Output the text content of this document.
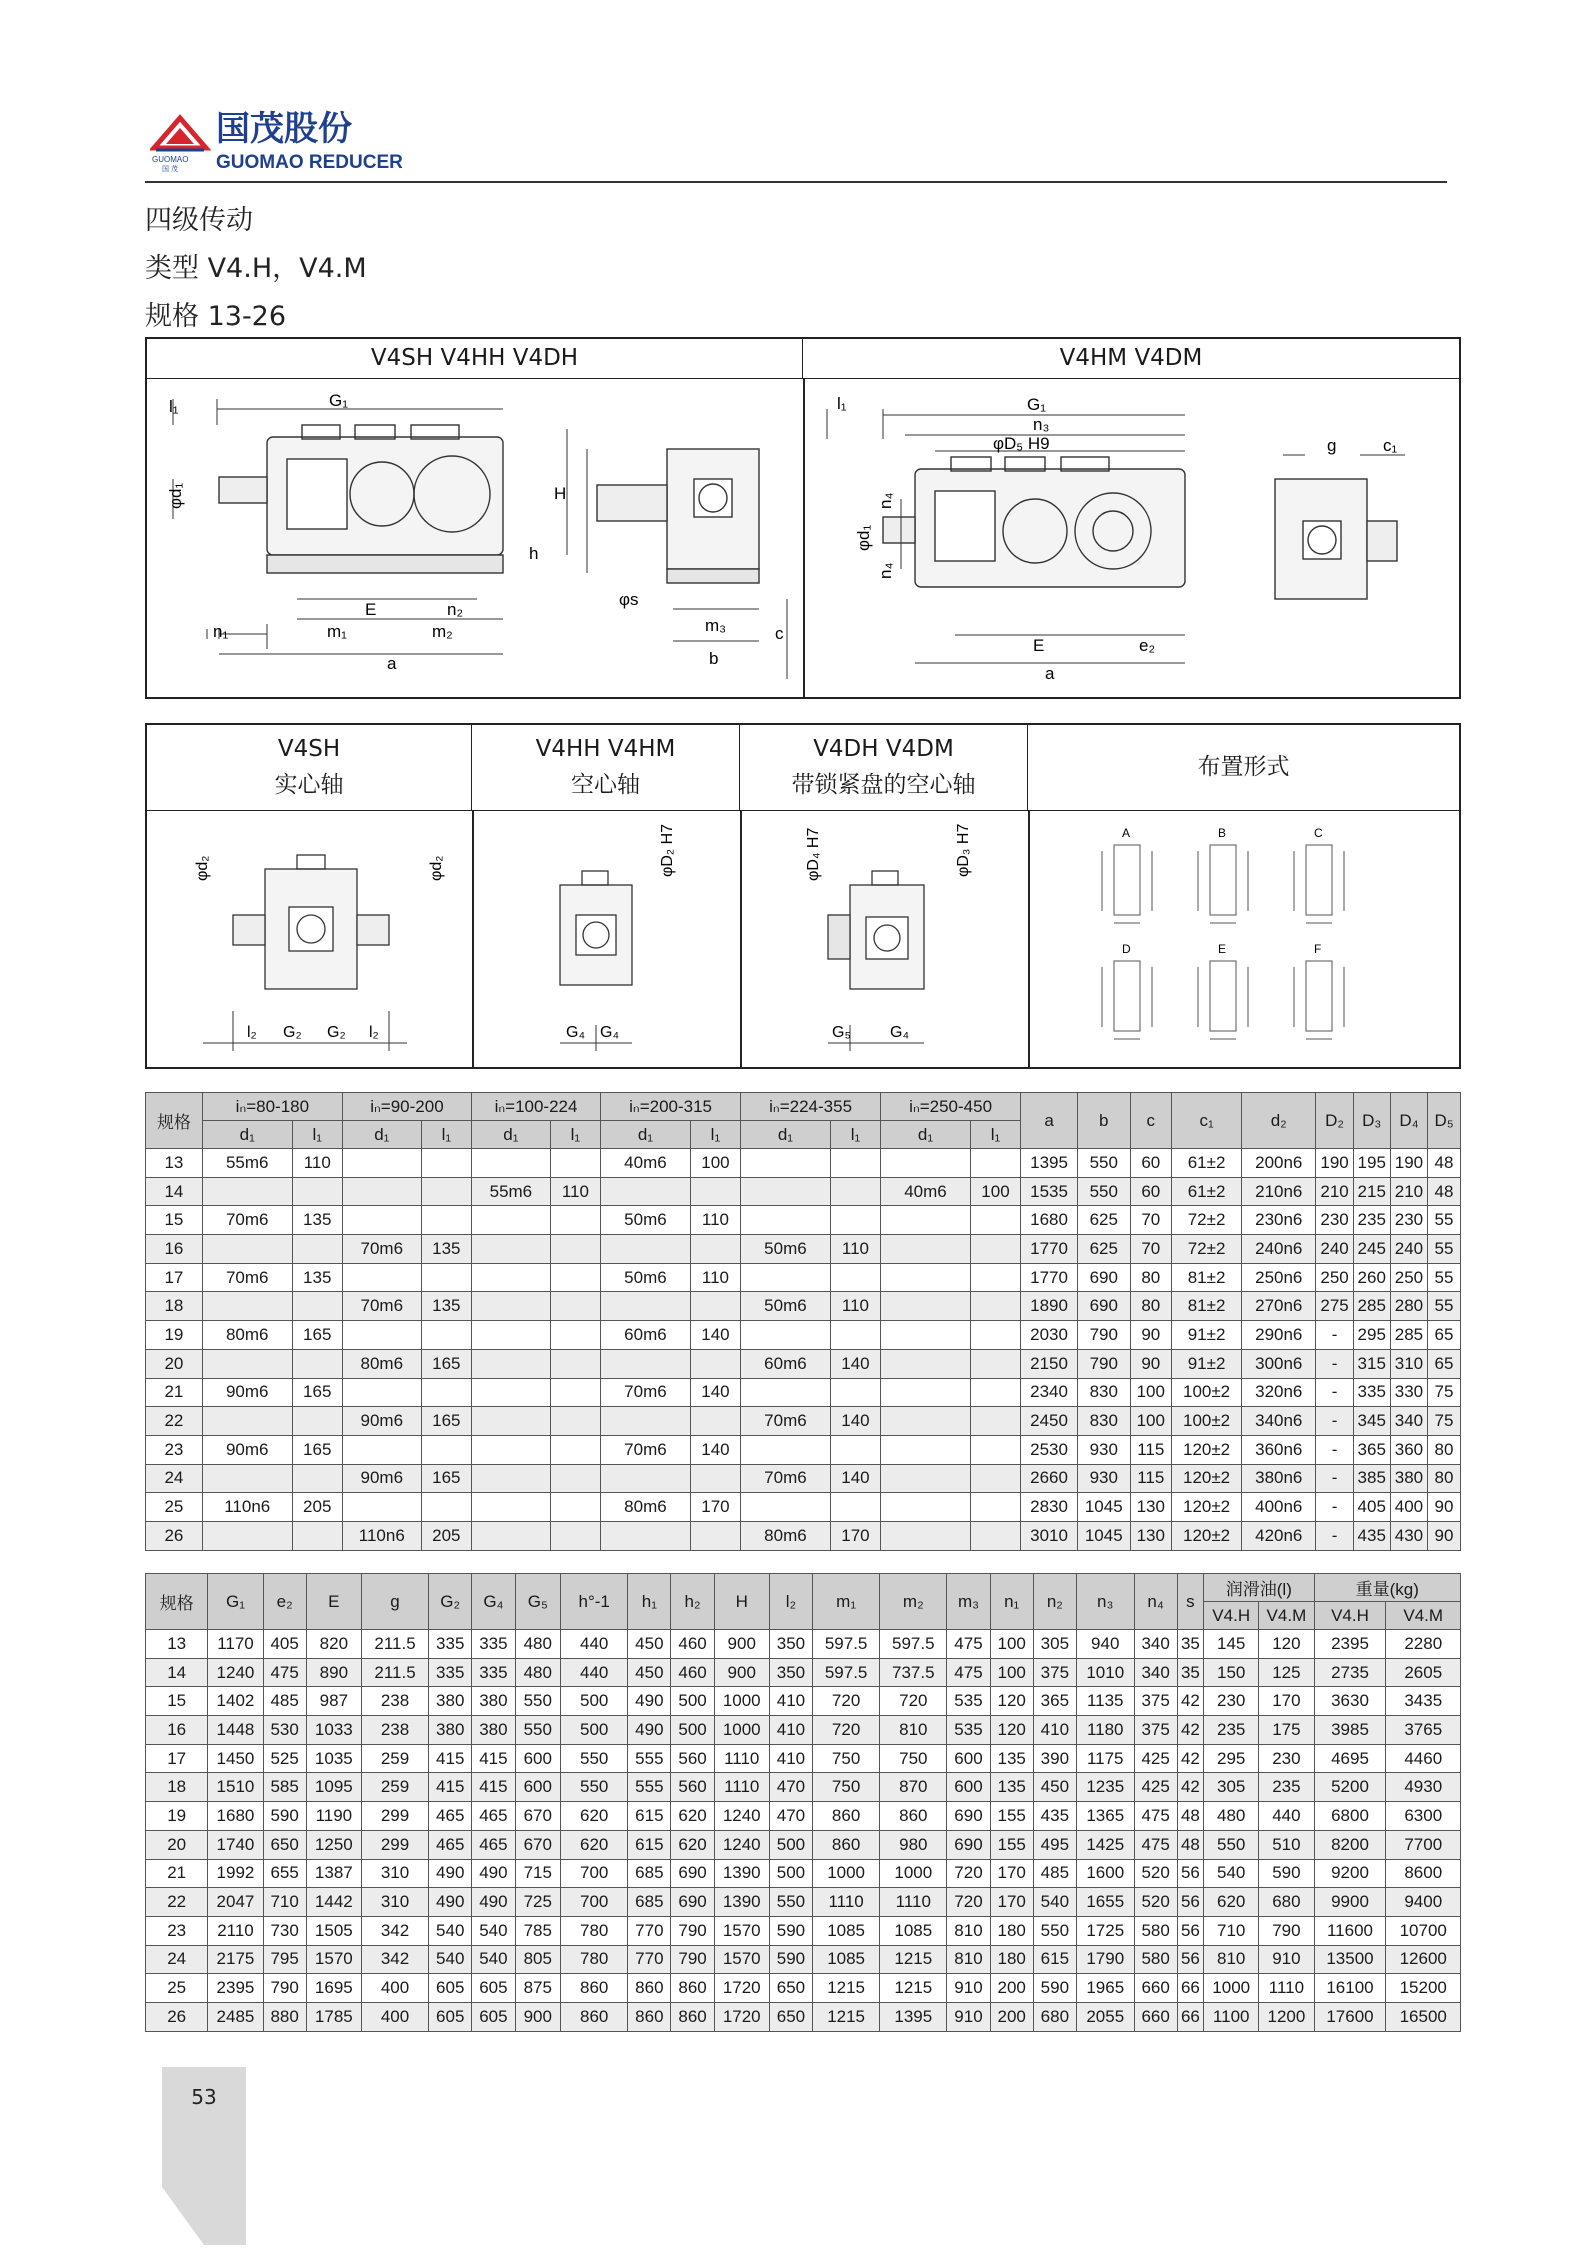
GUOMAO
国 茂
国茂股份
GUOMAO REDUCER
四级传动
类型 V4.H，V4.M
规格 13-26
V4SH V4HH V4DH	V4HM V4DM
l₁	G₁
φd₁	H
h
E	n₂
m₁	m₂
n₁
a
φs
m₃	c
b
l₁	G₁
n₃
φD₅ H9	g	c₁
φd₁
n₄
n₄
E	e₂
a
V4SH
实心轴
V4HH V4HM
空心轴
V4DH V4DM
带锁紧盘的空心轴
布置形式
φd₂	φd₂
l₂ G₂ G₂ l₂
φD₂ H7
G₄ G₄
φD₄ H7	φD₃ H7
G₅ G₄
A	B	C
D	E	F
规格	iₙ=80-180		iₙ=90-200		iₙ=100-224		iₙ=200-315		iₙ=224-355		iₙ=250-450		a	b	c	c₁	d₂	D₂	D₃	D₄	D₅
	d₁	l₁	d₁	l₁	d₁	l₁	d₁	l₁	d₁	l₁	d₁	l₁									
13	55m6	110					40m6	100					1395	550	60	61±2	200n6	190	195	190	48
14					55m6	110					40m6	100	1535	550	60	61±2	210n6	210	215	210	48
15	70m6	135					50m6	110					1680	625	70	72±2	230n6	230	235	230	55
16			70m6	135					50m6	110			1770	625	70	72±2	240n6	240	245	240	55
17	70m6	135					50m6	110					1770	690	80	81±2	250n6	250	260	250	55
18			70m6	135					50m6	110			1890	690	80	81±2	270n6	275	285	280	55
19	80m6	165					60m6	140					2030	790	90	91±2	290n6	-	295	285	65
20			80m6	165					60m6	140			2150	790	90	91±2	300n6	-	315	310	65
21	90m6	165					70m6	140					2340	830	100	100±2	320n6	-	335	330	75
22			90m6	165					70m6	140			2450	830	100	100±2	340n6	-	345	340	75
23	90m6	165					70m6	140					2530	930	115	120±2	360n6	-	365	360	80
24			90m6	165					70m6	140			2660	930	115	120±2	380n6	-	385	380	80
25	110n6	205					80m6	170					2830	1045	130	120±2	400n6	-	405	400	90
26			110n6	205					80m6	170			3010	1045	130	120±2	420n6	-	435	430	90
规格	G₁	e₂	E	g	G₂	G₄	G₅	h°-1	h₁	h₂	H	l₂	m₁	m₂	m₃	n₁	n₂	n₃	n₄	s	润滑油(l)		重量(kg)	
																					V4.H	V4.M	V4.H	V4.M
13	1170	405	820	211.5	335	335	480	440	450	460	900	350	597.5	597.5	475	100	305	940	340	35	145	120	2395	2280
14	1240	475	890	211.5	335	335	480	440	450	460	900	350	597.5	737.5	475	100	375	1010	340	35	150	125	2735	2605
15	1402	485	987	238	380	380	550	500	490	500	1000	410	720	720	535	120	365	1135	375	42	230	170	3630	3435
16	1448	530	1033	238	380	380	550	500	490	500	1000	410	720	810	535	120	410	1180	375	42	235	175	3985	3765
17	1450	525	1035	259	415	415	600	550	555	560	1110	410	750	750	600	135	390	1175	425	42	295	230	4695	4460
18	1510	585	1095	259	415	415	600	550	555	560	1110	470	750	870	600	135	450	1235	425	42	305	235	5200	4930
19	1680	590	1190	299	465	465	670	620	615	620	1240	470	860	860	690	155	435	1365	475	48	480	440	6800	6300
20	1740	650	1250	299	465	465	670	620	615	620	1240	500	860	980	690	155	495	1425	475	48	550	510	8200	7700
21	1992	655	1387	310	490	490	715	700	685	690	1390	500	1000	1000	720	170	485	1600	520	56	540	590	9200	8600
22	2047	710	1442	310	490	490	725	700	685	690	1390	550	1110	1110	720	170	540	1655	520	56	620	680	9900	9400
23	2110	730	1505	342	540	540	785	780	770	790	1570	590	1085	1085	810	180	550	1725	580	56	710	790	11600	10700
24	2175	795	1570	342	540	540	805	780	770	790	1570	590	1085	1215	810	180	615	1790	580	56	810	910	13500	12600
25	2395	790	1695	400	605	605	875	860	860	860	1720	650	1215	1215	910	200	590	1965	660	66	1000	1110	16100	15200
26	2485	880	1785	400	605	605	900	860	860	860	1720	650	1215	1395	910	200	680	2055	660	66	1100	1200	17600	16500
53
